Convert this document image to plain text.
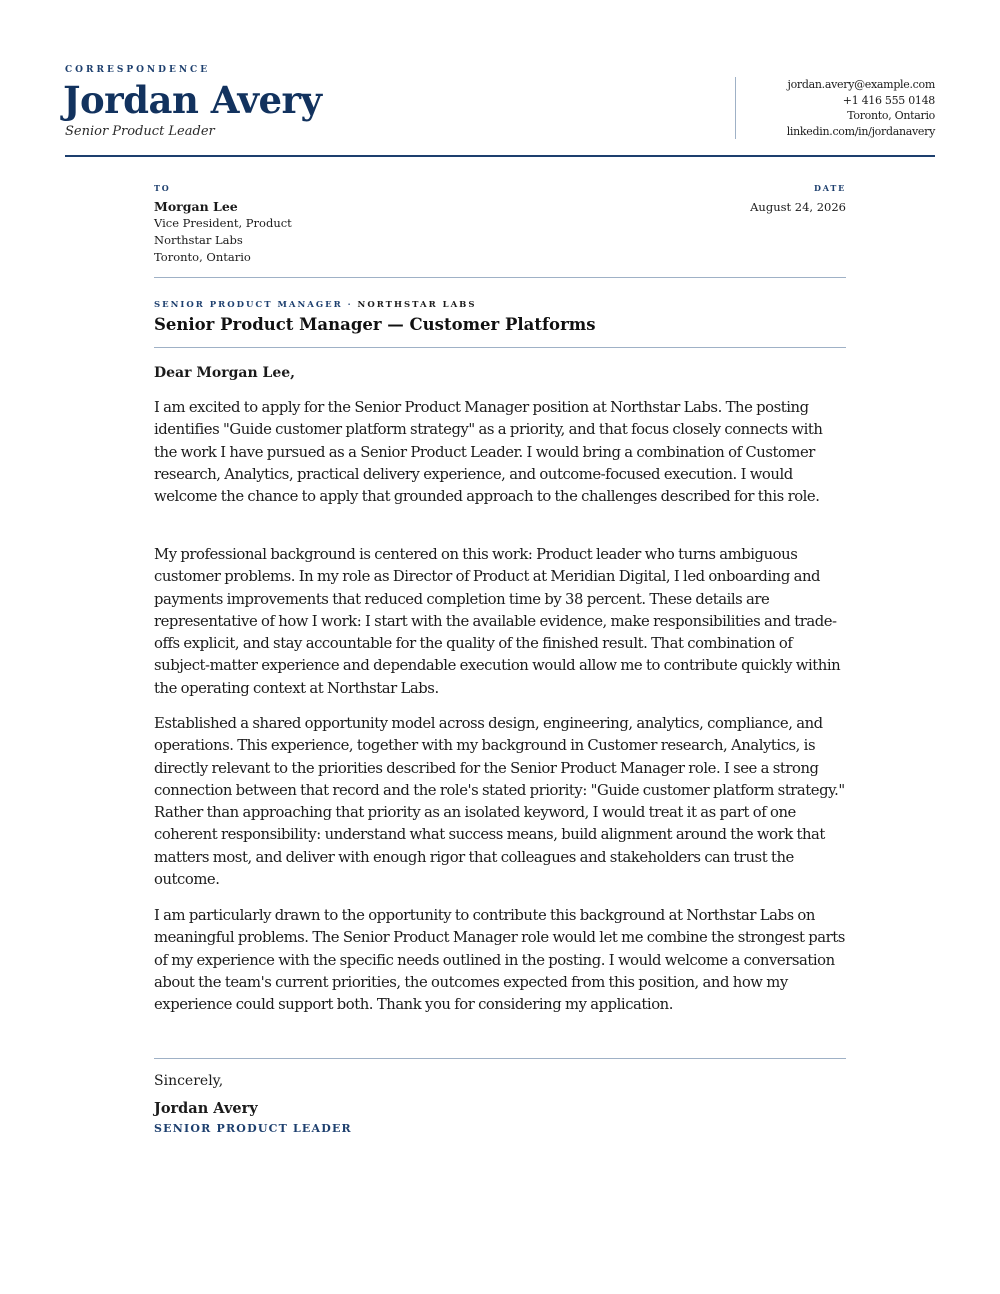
CORRESPONDENCE
Jordan Avery
Senior Product Leader
jordan.avery@example.com
+1 416 555 0148
Toronto, Ontario
linkedin.com/in/jordanavery
TO
Morgan Lee
Vice President, Product
Northstar Labs
Toronto, Ontario
DATE
August 24, 2026
SENIOR PRODUCT MANAGER · NORTHSTAR LABS
Senior Product Manager — Customer Platforms
Dear Morgan Lee,

I am excited to apply for the Senior Product Manager position at Northstar Labs. The posting identifies "Guide customer platform strategy" as a priority, and that focus closely connects with the work I have pursued as a Senior Product Leader. I would bring a combination of Customer research, Analytics, practical delivery experience, and outcome-focused execution. I would welcome the chance to apply that grounded approach to the challenges described for this role.

My professional background is centered on this work: Product leader who turns ambiguous customer problems. In my role as Director of Product at Meridian Digital, I led onboarding and payments improvements that reduced completion time by 38 percent. These details are representative of how I work: I start with the available evidence, make responsibilities and trade-offs explicit, and stay accountable for the quality of the finished result. That combination of subject-matter experience and dependable execution would allow me to contribute quickly within the operating context at Northstar Labs.

Established a shared opportunity model across design, engineering, analytics, compliance, and operations. This experience, together with my background in Customer research, Analytics, is directly relevant to the priorities described for the Senior Product Manager role. I see a strong connection between that record and the role's stated priority: "Guide customer platform strategy." Rather than approaching that priority as an isolated keyword, I would treat it as part of one coherent responsibility: understand what success means, build alignment around the work that matters most, and deliver with enough rigor that colleagues and stakeholders can trust the outcome.

I am particularly drawn to the opportunity to contribute this background at Northstar Labs on meaningful problems. The Senior Product Manager role would let me combine the strongest parts of my experience with the specific needs outlined in the posting. I would welcome a conversation about the team's current priorities, the outcomes expected from this position, and how my experience could support both. Thank you for considering my application.

Sincerely,
Jordan Avery
SENIOR PRODUCT LEADER
